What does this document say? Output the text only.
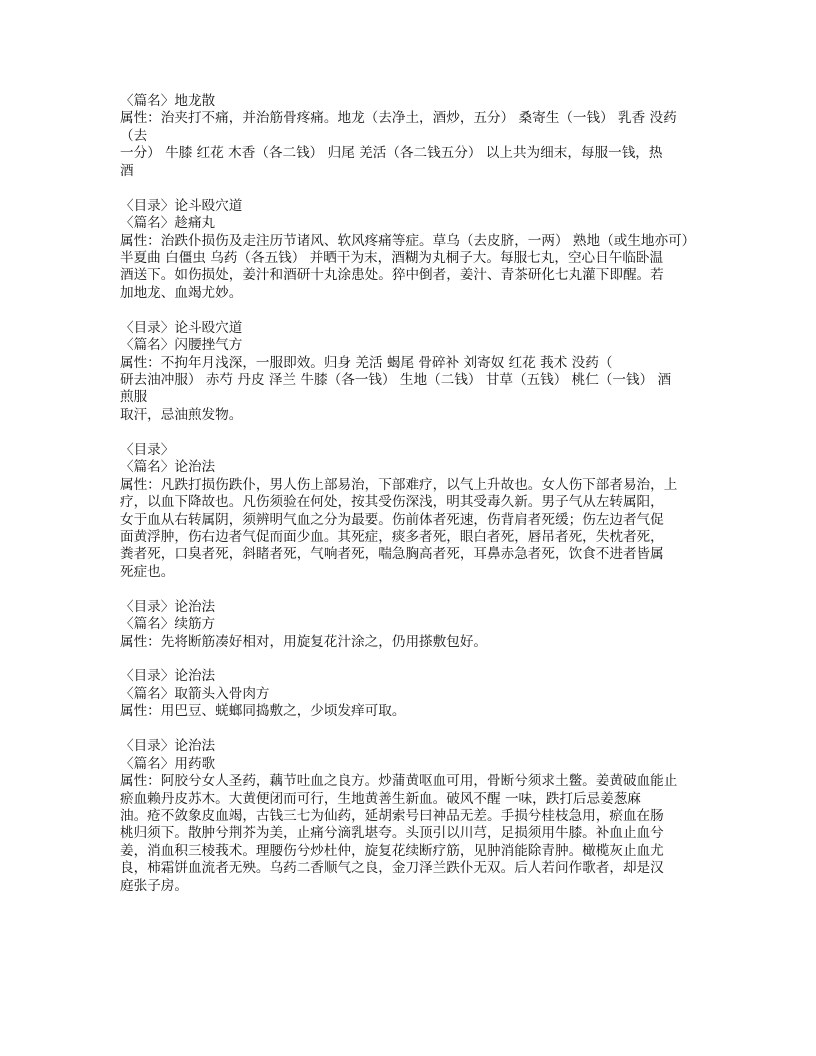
〈篇名〉地龙散
属性：治夹打不痛，并治筋骨疼痛。地龙（去净土，酒炒，五分） 桑寄生（一钱） 乳香 没药
（去
一分） 牛膝 红花 木香（各二钱） 归尾 羌活（各二钱五分） 以上共为细末，每服一钱，热
酒
〈目录〉论斗殴穴道
〈篇名〉趁痛丸
属性：治跌仆损伤及走注历节诸风、软风疼痛等症。草乌（去皮脐，一两） 熟地（或生地亦可）
半夏曲 白僵虫 乌药（各五钱） 并晒干为末，酒糊为丸桐子大。每服七丸，空心日午临卧温
酒送下。如伤损处，姜汁和酒研十丸涂患处。猝中倒者，姜汁、青茶研化七丸灌下即醒。若
加地龙、血竭尤妙。
〈目录〉论斗殴穴道
〈篇名〉闪腰挫气方
属性：不拘年月浅深，一服即效。归身 羌活 蝎尾 骨碎补 刘寄奴 红花 莪术 没药（
研去油冲服） 赤芍 丹皮 泽兰 牛膝（各一钱） 生地（二钱） 甘草（五钱） 桃仁（一钱） 酒
煎服
取汗，忌油煎发物。
〈目录〉
〈篇名〉论治法
属性：凡跌打损伤跌仆，男人伤上部易治，下部难疗，以气上升故也。女人伤下部者易治，上
疗，以血下降故也。凡伤须验在何处，按其受伤深浅，明其受毒久新。男子气从左转属阳，
女于血从右转属阴，须辨明气血之分为最要。伤前体者死速，伤背肩者死缓；伤左边者气促
面黄浮肿，伤右边者气促而面少血。其死症，痰多者死，眼白者死，唇吊者死，失枕者死，
粪者死，口臭者死，斜睹者死，气响者死，喘急胸高者死，耳鼻赤急者死，饮食不进者皆属
死症也。
〈目录〉论治法
〈篇名〉续筋方
属性：先将断筋凑好相对，用旋复花汁涂之，仍用搽敷包好。
〈目录〉论治法
〈篇名〉取箭头入骨肉方
属性：用巴豆、蜣螂同捣敷之，少顷发痒可取。
〈目录〉论治法
〈篇名〉用药歌
属性：阿胶兮女人圣药，藕节吐血之良方。炒蒲黄呕血可用，骨断兮须求土鳖。姜黄破血能止
瘀血赖丹皮苏木。大黄便闭而可行，生地黄善生新血。破风不醒 一味，跌打后忌姜葱麻
油。疮不敛象皮血竭，古钱三七为仙药，延胡索号曰神品无差。手损兮桂枝急用，瘀血在肠
桃归须下。散肿兮荆芥为美，止痛兮滴乳堪夸。头顶引以川芎，足损须用牛膝。补血止血兮
姜，消血积三棱莪术。理腰伤兮炒杜仲，旋复花续断疗筋，见肿消能除青肿。橄榄灰止血尤
良，柿霜饼血流者无殃。乌药二香顺气之良，金刀泽兰跌仆无双。后人若问作歌者，却是汉
庭张子房。
